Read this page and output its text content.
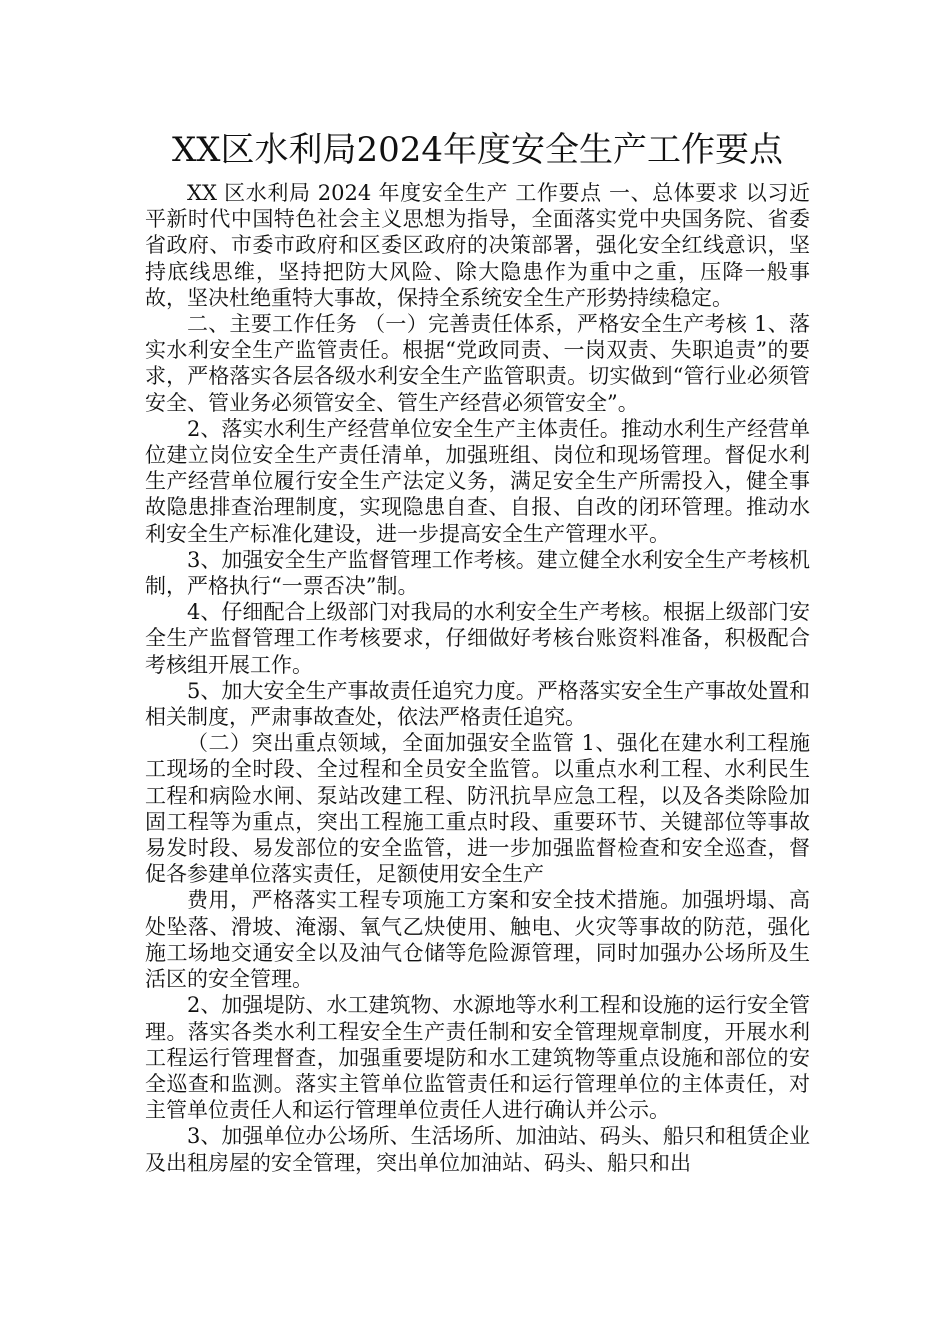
XX区水利局2024年度安全生产工作要点

XX 区水利局 2024 年度安全生产 工作要点 一、总体要求 以习近平新时代中国特色社会主义思想为指导，全面落实党中央国务院、省委省政府、市委市政府和区委区政府的决策部署，强化安全红线意识，坚持底线思维，坚持把防大风险、除大隐患作为重中之重，压降一般事故，坚决杜绝重特大事故，保持全系统安全生产形势持续稳定。

二、主要工作任务 （一）完善责任体系，严格安全生产考核 1、落实水利安全生产监管责任。根据“党政同责、一岗双责、失职追责”的要求，严格落实各层各级水利安全生产监管职责。切实做到“管行业必须管安全、管业务必须管安全、管生产经营必须管安全”。

2、落实水利生产经营单位安全生产主体责任。推动水利生产经营单位建立岗位安全生产责任清单，加强班组、岗位和现场管理。督促水利生产经营单位履行安全生产法定义务，满足安全生产所需投入，健全事故隐患排查治理制度，实现隐患自查、自报、自改的闭环管理。推动水利安全生产标准化建设，进一步提高安全生产管理水平。

3、加强安全生产监督管理工作考核。建立健全水利安全生产考核机制，严格执行“一票否决”制。

4、仔细配合上级部门对我局的水利安全生产考核。根据上级部门安全生产监督管理工作考核要求，仔细做好考核台账资料准备，积极配合考核组开展工作。

5、加大安全生产事故责任追究力度。严格落实安全生产事故处置和相关制度，严肃事故查处，依法严格责任追究。

（二）突出重点领域，全面加强安全监管 1、强化在建水利工程施工现场的全时段、全过程和全员安全监管。以重点水利工程、水利民生工程和病险水闸、泵站改建工程、防汛抗旱应急工程，以及各类除险加固工程等为重点，突出工程施工重点时段、重要环节、关键部位等事故易发时段、易发部位的安全监管，进一步加强监督检查和安全巡查，督促各参建单位落实责任，足额使用安全生产

费用，严格落实工程专项施工方案和安全技术措施。加强坍塌、高处坠落、滑坡、淹溺、氧气乙炔使用、触电、火灾等事故的防范，强化施工场地交通安全以及油气仓储等危险源管理，同时加强办公场所及生活区的安全管理。

2、加强堤防、水工建筑物、水源地等水利工程和设施的运行安全管理。落实各类水利工程安全生产责任制和安全管理规章制度，开展水利工程运行管理督查，加强重要堤防和水工建筑物等重点设施和部位的安全巡查和监测。落实主管单位监管责任和运行管理单位的主体责任，对主管单位责任人和运行管理单位责任人进行确认并公示。

3、加强单位办公场所、生活场所、加油站、码头、船只和租赁企业及出租房屋的安全管理，突出单位加油站、码头、船只和出
